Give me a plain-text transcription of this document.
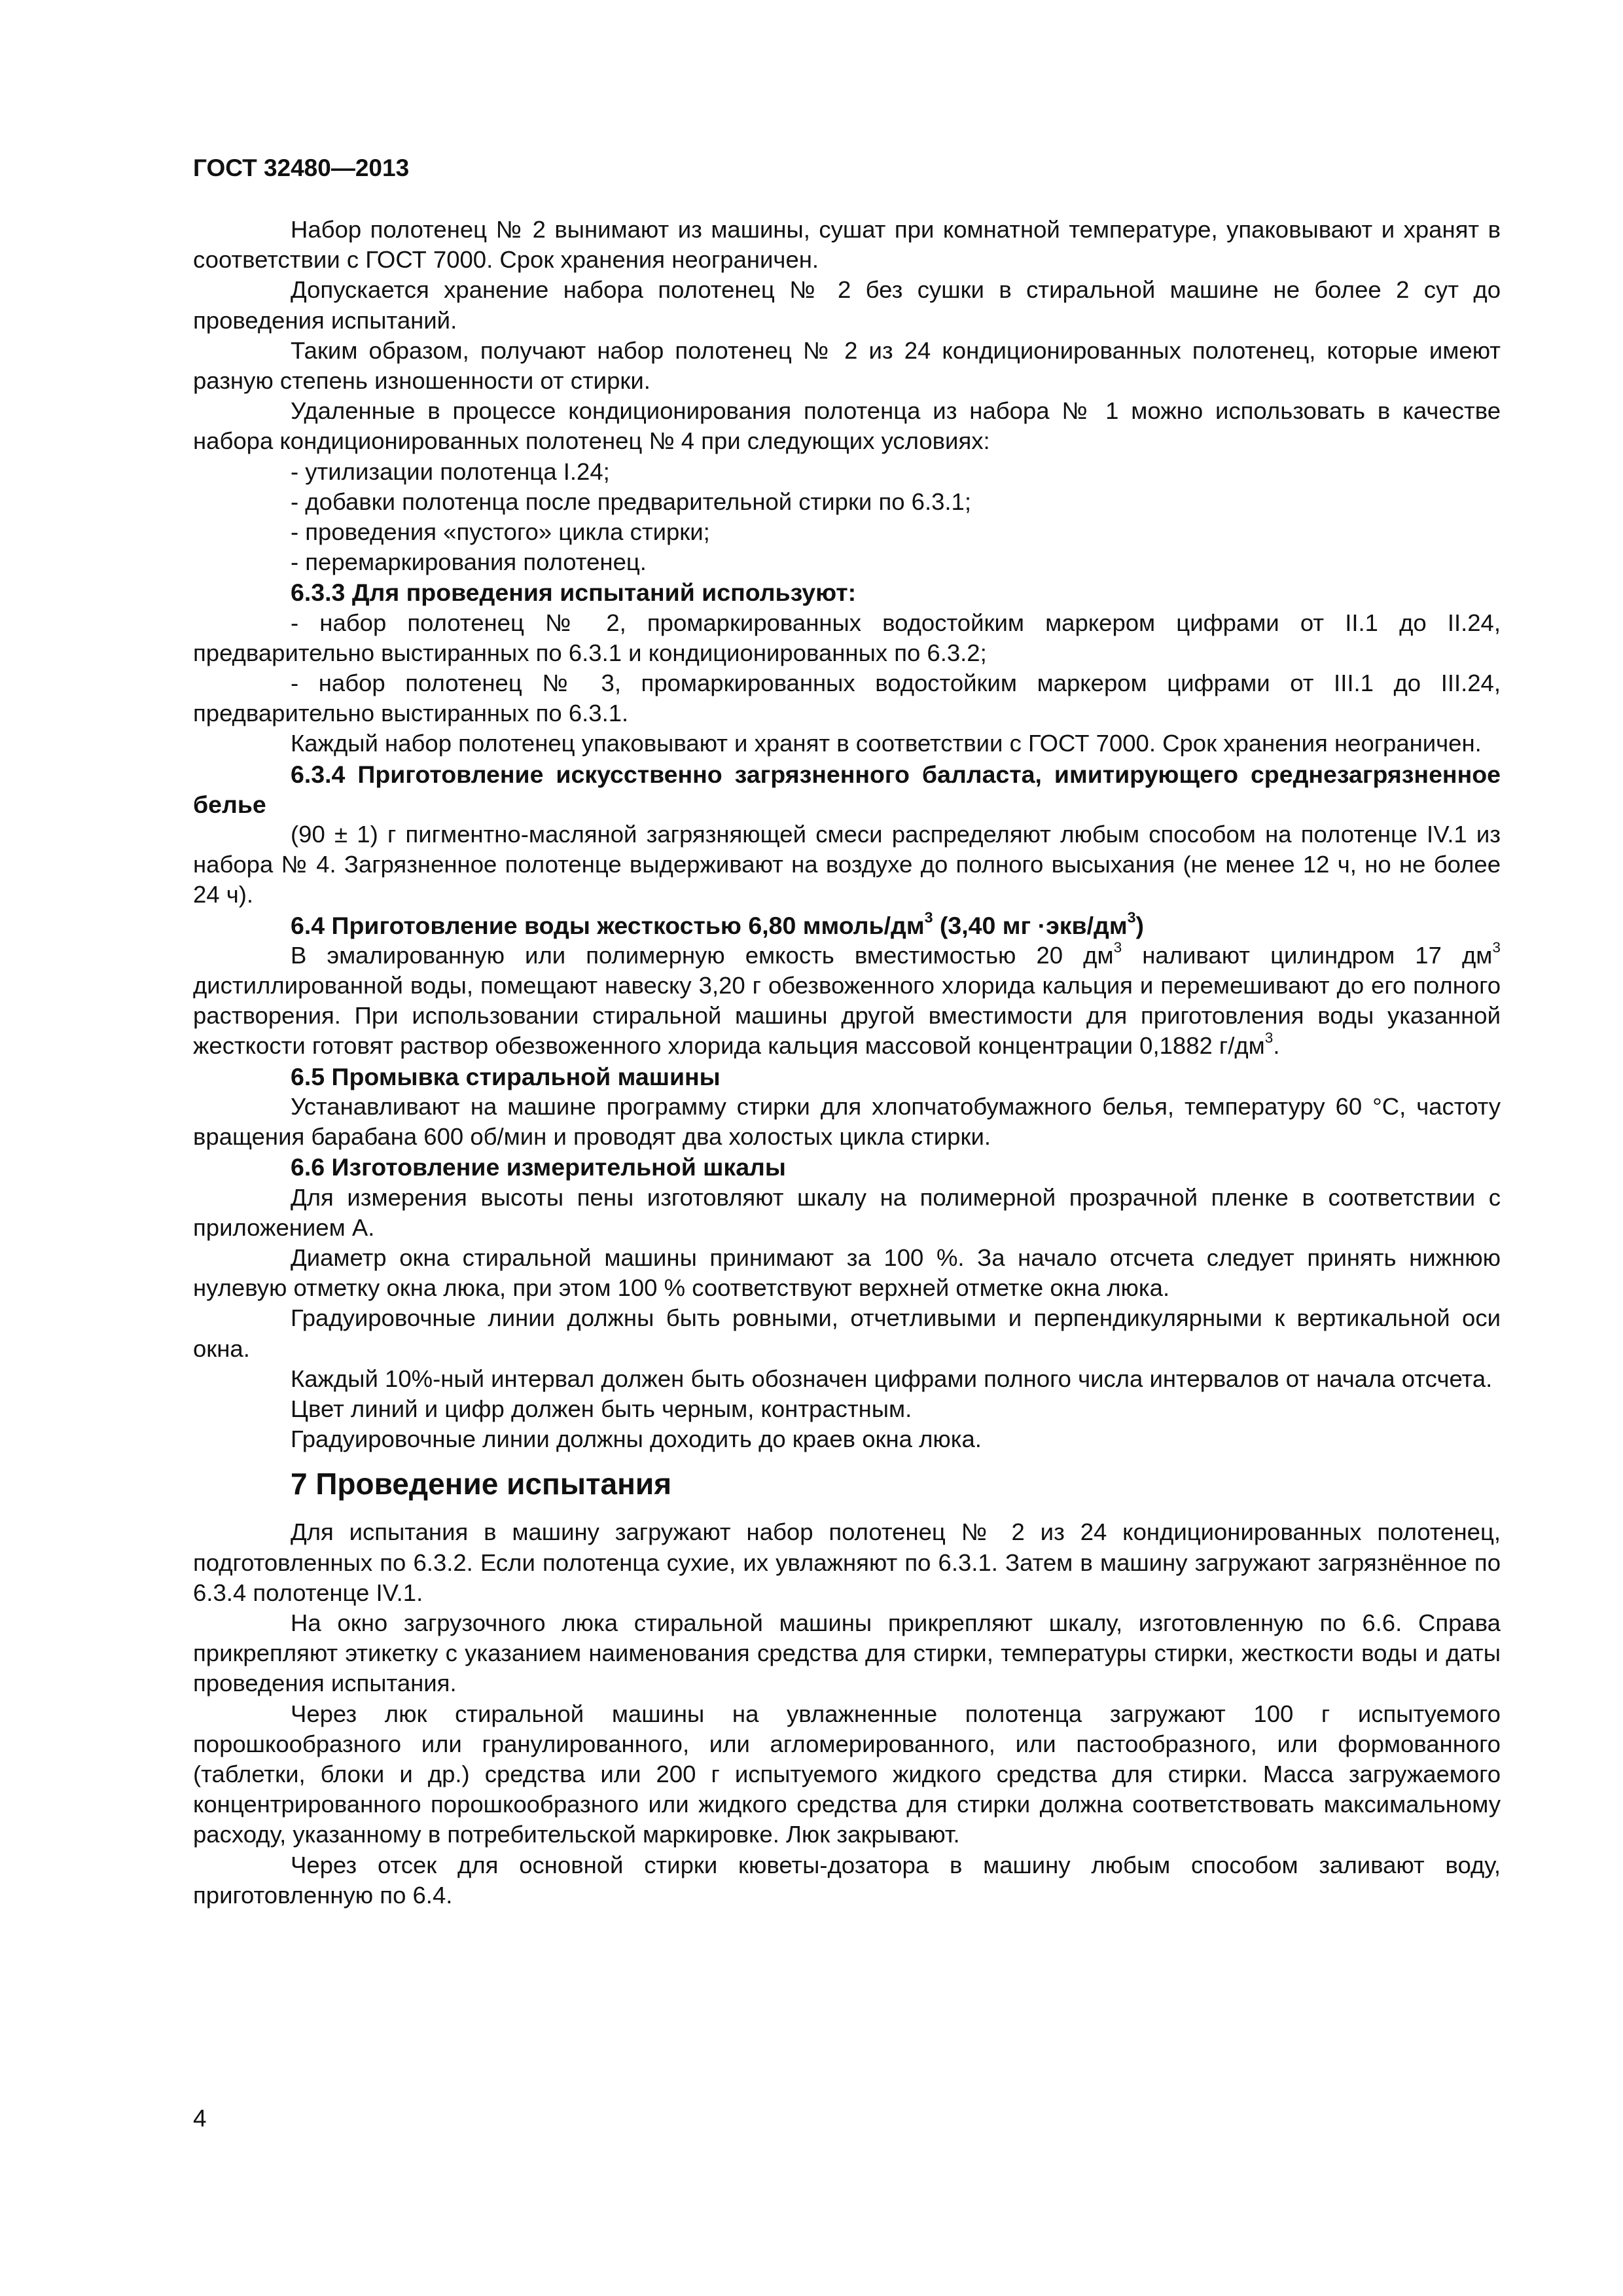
ГОСТ 32480—2013

Набор полотенец № 2 вынимают из машины, сушат при комнатной температуре, упаковывают и хранят в соответствии с ГОСТ 7000. Срок хранения неограничен.

Допускается хранение набора полотенец № 2 без сушки в стиральной машине не более 2 сут до проведения испытаний.

Таким образом, получают набор полотенец № 2 из 24 кондиционированных полотенец, которые имеют разную степень изношенности от стирки.

Удаленные в процессе кондиционирования полотенца из набора № 1 можно использовать в качестве набора кондиционированных полотенец № 4 при следующих условиях:

- утилизации полотенца I.24;

- добавки полотенца после предварительной стирки по 6.3.1;

- проведения «пустого» цикла стирки;

- перемаркирования полотенец.

6.3.3 Для проведения испытаний используют:

- набор полотенец № 2, промаркированных водостойким маркером цифрами от II.1 до II.24, предварительно выстиранных по 6.3.1 и кондиционированных по 6.3.2;

- набор полотенец № 3, промаркированных водостойким маркером цифрами от III.1 до III.24, предварительно выстиранных по 6.3.1.

Каждый набор полотенец упаковывают и хранят в соответствии с ГОСТ 7000. Срок хранения неограничен.

6.3.4 Приготовление искусственно загрязненного балласта, имитирующего среднезагрязненное белье

(90 ± 1) г пигментно-масляной загрязняющей смеси распределяют любым способом на полотенце IV.1 из набора № 4. Загрязненное полотенце выдерживают на воздухе до полного высыхания (не менее 12 ч, но не более 24 ч).

6.4 Приготовление воды жесткостью 6,80 ммоль/$дм^3$ (3,40 мг $\cdot экв/дм^3$)

В эмалированную или полимерную емкость вместимостью 20 $дм^3$ наливают цилиндром 17 $дм^3$ дистиллированной воды, помещают навеску 3,20 г обезвоженного хлорида кальция и перемешивают до его полного растворения. При использовании стиральной машины другой вместимости для приготовления воды указанной жесткости готовят раствор обезвоженного хлорида кальция массовой концентрации 0,1882 $г/дм^3$.

6.5 Промывка стиральной машины

Устанавливают на машине программу стирки для хлопчатобумажного белья, температуру 60 °С, частоту вращения барабана 600 об/мин и проводят два холостых цикла стирки.

6.6 Изготовление измерительной шкалы

Для измерения высоты пены изготовляют шкалу на полимерной прозрачной пленке в соответствии с приложением А.

Диаметр окна стиральной машины принимают за 100 %. За начало отсчета следует принять нижнюю нулевую отметку окна люка, при этом 100 % соответствуют верхней отметке окна люка.

Градуировочные линии должны быть ровными, отчетливыми и перпендикулярными к вертикальной оси окна.

Каждый 10%-ный интервал должен быть обозначен цифрами полного числа интервалов от начала отсчета.

Цвет линий и цифр должен быть черным, контрастным.

Градуировочные линии должны доходить до краев окна люка.

7 Проведение испытания

Для испытания в машину загружают набор полотенец № 2 из 24 кондиционированных полотенец, подготовленных по 6.3.2. Если полотенца сухие, их увлажняют по 6.3.1. Затем в машину загружают загрязнённое по 6.3.4 полотенце IV.1.

На окно загрузочного люка стиральной машины прикрепляют шкалу, изготовленную по 6.6. Справа прикрепляют этикетку с указанием наименования средства для стирки, температуры стирки, жесткости воды и даты проведения испытания.

Через люк стиральной машины на увлажненные полотенца загружают 100 г испытуемого порошкообразного или гранулированного, или агломерированного, или пастообразного, или формованного (таблетки, блоки и др.) средства или 200 г испытуемого жидкого средства для стирки. Масса загружаемого концентрированного порошкообразного или жидкого средства для стирки должна соответствовать максимальному расходу, указанному в потребительской маркировке. Люк закрывают.

Через отсек для основной стирки кюветы-дозатора в машину любым способом заливают воду, приготовленную по 6.4.

4
